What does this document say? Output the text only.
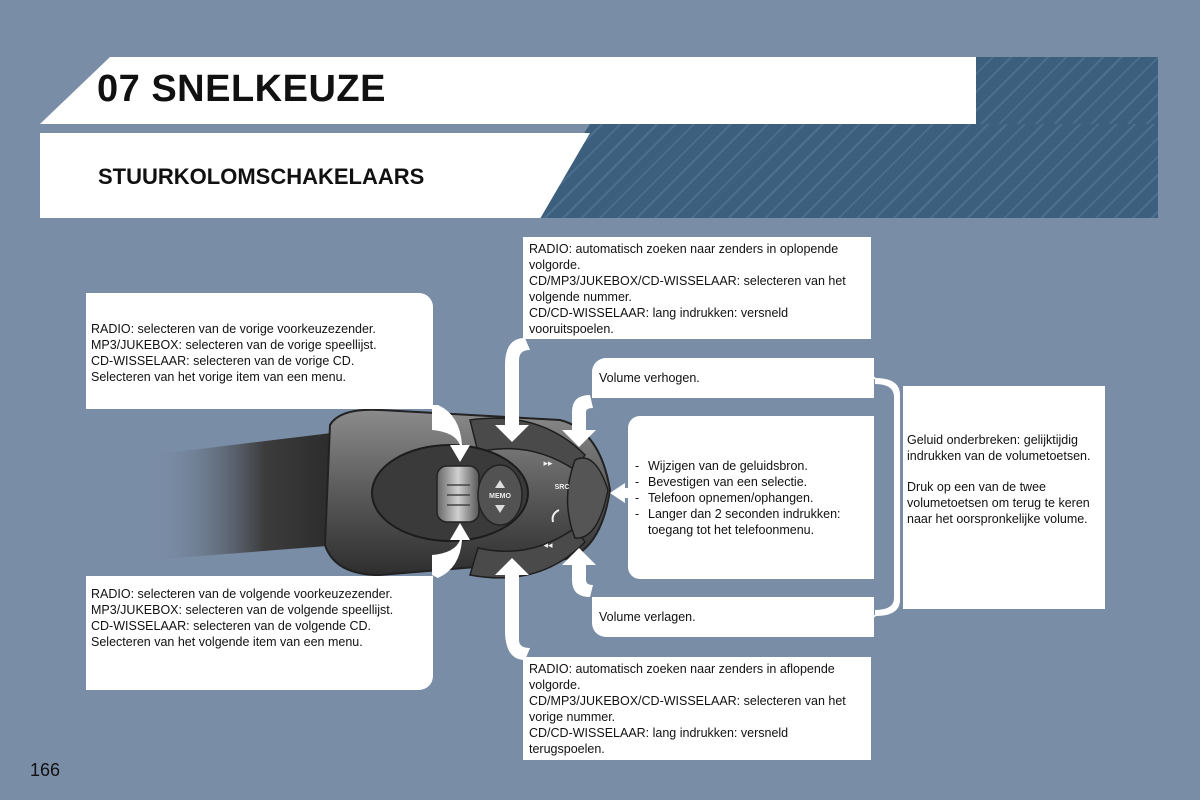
07 SNELKEUZE
STUURKOLOMSCHAKELAARS
MEMO
▸▸
◂◂
SRC

RADIO: selecteren van de vorige voorkeuzezender.
MP3/JUKEBOX: selecteren van de vorige speellijst.
CD-WISSELAAR: selecteren van de vorige CD.
Selecteren van het vorige item van een menu.

RADIO: selecteren van de volgende voorkeuzezender.
MP3/JUKEBOX: selecteren van de volgende speellijst.
CD-WISSELAAR: selecteren van de volgende CD.
Selecteren van het volgende item van een menu.

RADIO: automatisch zoeken naar zenders in oplopende volgorde.
CD/MP3/JUKEBOX/CD-WISSELAAR: selecteren van het volgende nummer.
CD/CD-WISSELAAR: lang indrukken: versneld vooruitspoelen.

RADIO: automatisch zoeken naar zenders in aflopende volgorde.
CD/MP3/JUKEBOX/CD-WISSELAAR: selecteren van het vorige nummer.
CD/CD-WISSELAAR: lang indrukken: versneld terugspoelen.

Volume verhogen.

Volume verlagen.

- Wijzigen van de geluidsbron.
- Bevestigen van een selectie.
- Telefoon opnemen/ophangen.
- Langer dan 2 seconden indrukken: toegang tot het telefoonmenu.

Geluid onderbreken: gelijktijdig indrukken van de volumetoetsen.

Druk op een van de twee volumetoetsen om terug te keren naar het oorspronkelijke volume.

166
